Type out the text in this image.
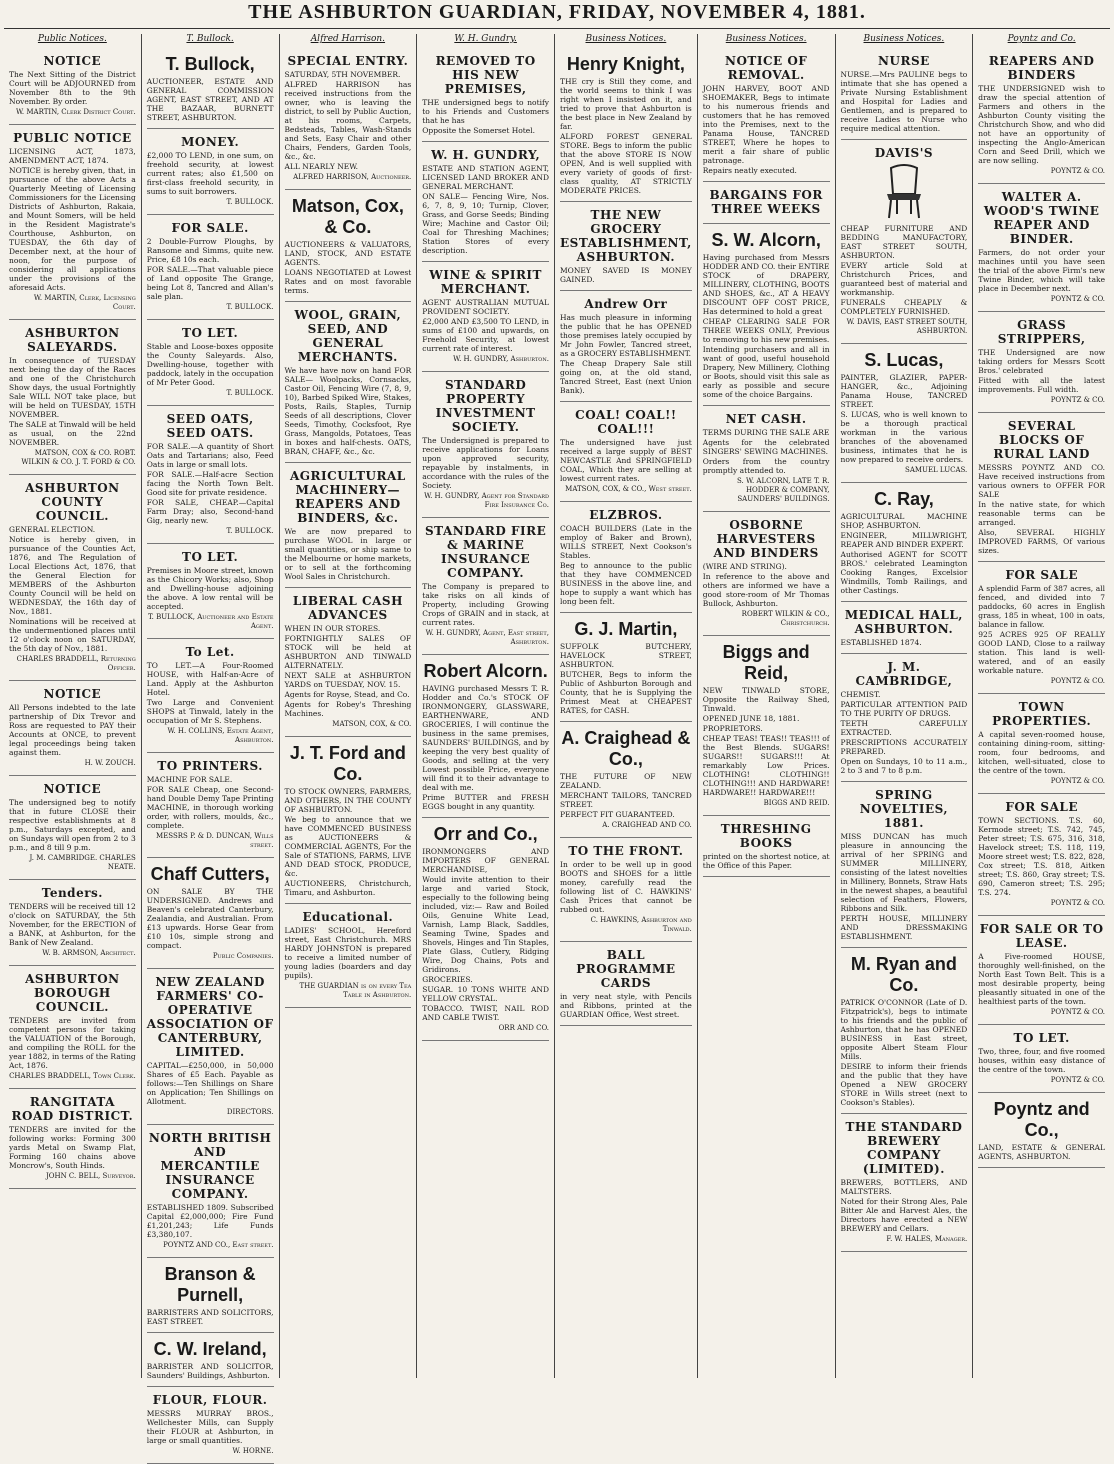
THE ASHBURTON GUARDIAN, FRIDAY, NOVEMBER 4, 1881.
Public Notices.
NOTICE

The Next Sitting of the District Court will be ADJOURNED from November 8th to the 9th November. By order.

W. MARTIN, Clerk District Court.
PUBLIC NOTICE

LICENSING ACT, 1873, AMENDMENT ACT, 1874.

NOTICE is hereby given, that, in pursuance of the above Acts a Quarterly Meeting of Licensing Commissioners for the Licensing Districts of Ashburton, Rakaia, and Mount Somers, will be held in the Resident Magistrate's Courthouse, Ashburton, on TUESDAY, the 6th day of December next, at the hour of noon, for the purpose of considering all applications under the provisions of the aforesaid Acts.

W. MARTIN, Clerk, Licensing Court.
ASHBURTON SALEYARDS.

In consequence of TUESDAY next being the day of the Races and one of the Christchurch Show days, the usual Fortnightly Sale WILL NOT take place, but will be held on TUESDAY, 15TH NOVEMBER.

The SALE at Tinwald will be held as usual, on the 22nd NOVEMBER.

MATSON, COX & CO. ROBT. WILKIN & CO. J. T. FORD & CO.
ASHBURTON COUNTY COUNCIL.

GENERAL ELECTION.

Notice is hereby given, in pursuance of the Counties Act, 1876, and The Regulation of Local Elections Act, 1876, that the General Election for MEMBERS of the Ashburton County Council will be held on WEDNESDAY, the 16th day of Nov., 1881.

Nominations will be received at the undermentioned places until 12 o'clock noon on SATURDAY, the 5th day of Nov., 1881.

CHARLES BRADDELL, Returning Officer.
NOTICE

All Persons indebted to the late partnership of Dix Trevor and Ross are requested to PAY their Accounts at ONCE, to prevent legal proceedings being taken against them.

H. W. ZOUCH.
NOTICE

The undersigned beg to notify that in future CLOSE their respective establishments at 8 p.m., Saturdays excepted, and on Sundays will open from 2 to 3 p.m., and 8 till 9 p.m.

J. M. CAMBRIDGE. CHARLES NEATE.
Tenders.

TENDERS will be received till 12 o'clock on SATURDAY, the 5th November, for the ERECTION of a BANK, at Ashburton, for the Bank of New Zealand.

W. B. ARMSON, Architect.
ASHBURTON BOROUGH COUNCIL.

TENDERS are invited from competent persons for taking the VALUATION of the Borough, and compiling the ROLL for the year 1882, in terms of the Rating Act, 1876.

CHARLES BRADDELL, Town Clerk.
RANGITATA ROAD DISTRICT.

TENDERS are invited for the following works: Forming 300 yards Metal on Swamp Flat, Forming 160 chains above Moncrow's, South Hinds.

JOHN C. BELL, Surveyor.
T. Bullock.
T. Bullock,

AUCTIONEER, ESTATE AND GENERAL COMMISSION AGENT, EAST STREET, AND AT THE BAZAAR, BURNETT STREET, ASHBURTON.

MONEY.

£2,000 TO LEND, in one sum, on freehold security, at lowest current rates; also £1,500 on first-class freehold security, in sums to suit borrowers.

T. BULLOCK.
FOR SALE.

2 Double-Furrow Ploughs, by Ransome and Simms, quite new. Price, £8 10s each.

FOR SALE.—That valuable piece of Land opposite The Grange, being Lot 8, Tancred and Allan's sale plan.

T. BULLOCK.
TO LET.

Stable and Loose-boxes opposite the County Saleyards. Also, Dwelling-house, together with paddock, lately in the occupation of Mr Peter Good.

T. BULLOCK.
SEED OATS, SEED OATS.

FOR SALE.—A quantity of Short Oats and Tartarians; also, Feed Oats in large or small lots.

FOR SALE.—Half-acre Section facing the North Town Belt. Good site for private residence.

FOR SALE, CHEAP.—Capital Farm Dray; also, Second-hand Gig, nearly new.

T. BULLOCK.
TO LET.

Premises in Moore street, known as the Chicory Works; also, Shop and Dwelling-house adjoining the above. A low rental will be accepted.

T. BULLOCK, Auctioneer and Estate Agent.
To Let.

TO LET.—A Four-Roomed HOUSE, with Half-an-Acre of Land. Apply at the Ashburton Hotel.

Two Large and Convenient SHOPS at Tinwald, lately in the occupation of Mr S. Stephens.

W. H. COLLINS, Estate Agent, Ashburton.
TO PRINTERS.

MACHINE FOR SALE.

FOR SALE Cheap, one Second-hand Double Demy Tape Printing MACHINE, in thorough working order, with rollers, moulds, &c., complete.

MESSRS P. & D. DUNCAN, Wills street.
Chaff Cutters,

ON SALE BY THE UNDERSIGNED. Andrews and Beaven's celebrated Canterbury, Zealandia, and Australian. From £13 upwards. Horse Gear from £10 10s, simple strong and compact.

Public Companies.
NEW ZEALAND FARMERS' CO-OPERATIVE ASSOCIATION OF CANTERBURY, LIMITED.

CAPITAL—£250,000, in 50,000 Shares of £5 Each. Payable as follows:—Ten Shillings on Share on Application; Ten Shillings on Allotment.

DIRECTORS.
NORTH BRITISH AND MERCANTILE INSURANCE COMPANY.

ESTABLISHED 1809. Subscribed Capital £2,000,000; Fire Fund £1,201,243; Life Funds £3,380,107.

POYNTZ AND CO., East street.
Branson & Purnell,

BARRISTERS AND SOLICITORS, EAST STREET.

C. W. Ireland,

BARRISTER AND SOLICITOR, Saunders' Buildings, Ashburton.

FLOUR, FLOUR.

MESSRS MURRAY BROS., Wellchester Mills, can Supply their FLOUR at Ashburton, in large or small quantities.

W. HORNE.
Alfred Harrison.
SPECIAL ENTRY.

SATURDAY, 5TH NOVEMBER.

ALFRED HARRISON has received instructions from the owner, who is leaving the district, to sell by Public Auction, at his rooms, Carpets, Bedsteads, Tables, Wash-Stands and Sets, Easy Chair and other Chairs, Fenders, Garden Tools, &c., &c.

ALL NEARLY NEW.

ALFRED HARRISON, Auctioneer.
Matson, Cox, & Co.

AUCTIONEERS & VALUATORS, LAND, STOCK, AND ESTATE AGENTS.

LOANS NEGOTIATED at Lowest Rates and on most favorable terms.

WOOL, GRAIN, SEED, AND GENERAL MERCHANTS.

We have have now on hand FOR SALE— Woolpacks, Cornsacks, Castor Oil, Fencing Wire (7, 8, 9, 10), Barbed Spiked Wire, Stakes, Posts, Rails, Staples, Turnip Seeds of all descriptions, Clover Seeds, Timothy, Cocksfoot, Rye Grass, Mangolds, Potatoes, Teas in boxes and half-chests. OATS, BRAN, CHAFF, &c., &c.

AGRICULTURAL MACHINERY—REAPERS AND BINDERS, &c.

We are now prepared to purchase WOOL in large or small quantities, or ship same to the Melbourne or home markets, or to sell at the forthcoming Wool Sales in Christchurch.

LIBERAL CASH ADVANCES

WHEN IN OUR STORES.

FORTNIGHTLY SALES OF STOCK will be held at ASHBURTON AND TINWALD ALTERNATELY.

NEXT SALE at ASHBURTON YARDS on TUESDAY, NOV. 15.

Agents for Royse, Stead, and Co.

Agents for Robey's Threshing Machines.

MATSON, COX, & CO.
J. T. Ford and Co.

TO STOCK OWNERS, FARMERS, AND OTHERS, IN THE COUNTY OF ASHBURTON.

We beg to announce that we have COMMENCED BUSINESS as AUCTIONEERS & COMMERCIAL AGENTS, For the Sale of STATIONS, FARMS, LIVE AND DEAD STOCK, PRODUCE, &c.

AUCTIONEERS, Christchurch, Timaru, and Ashburton.

Educational.

LADIES' SCHOOL, Hereford street, East Christchurch. MRS HARDY JOHNSTON is prepared to receive a limited number of young ladies (boarders and day pupils).

THE GUARDIAN is on every Tea Table in Ashburton.
W. H. Gundry.
REMOVED TO HIS NEW PREMISES,

THE undersigned begs to notify to his Friends and Customers that he has

Opposite the Somerset Hotel.

W. H. GUNDRY,

ESTATE AND STATION AGENT, LICENSED LAND BROKER AND GENERAL MERCHANT.

ON SALE— Fencing Wire, Nos. 6, 7, 8, 9, 10; Turnip, Clover, Grass, and Gorse Seeds; Binding Wire; Machine and Castor Oil; Coal for Threshing Machines; Station Stores of every description.

WINE & SPIRIT MERCHANT.

AGENT AUSTRALIAN MUTUAL PROVIDENT SOCIETY.

£2,000 AND £3,500 TO LEND, in sums of £100 and upwards, on Freehold Security, at lowest current rate of interest.

W. H. GUNDRY, Ashburton.
STANDARD PROPERTY INVESTMENT SOCIETY.

The Undersigned is prepared to receive applications for Loans upon approved security, repayable by instalments, in accordance with the rules of the Society.

W. H. GUNDRY, Agent for Standard Fire Insurance Co.
STANDARD FIRE & MARINE INSURANCE COMPANY.

The Company is prepared to take risks on all kinds of Property, including Growing Crops of GRAIN and in stack, at current rates.

W. H. GUNDRY, Agent, East street, Ashburton.
Robert Alcorn.

HAVING purchased Messrs T. R. Hodder and Co.'s STOCK OF IRONMONGERY, GLASSWARE, EARTHENWARE, AND GROCERIES, I will continue the business in the same premises, SAUNDERS' BUILDINGS, and by keeping the very best quality of Goods, and selling at the very Lowest possible Price, everyone will find it to their advantage to deal with me.

Prime BUTTER and FRESH EGGS bought in any quantity.

Orr and Co.,

IRONMONGERS AND IMPORTERS OF GENERAL MERCHANDISE,

Would invite attention to their large and varied Stock, especially to the following being included, viz:— Raw and Boiled Oils, Genuine White Lead, Varnish, Lamp Black, Saddles, Seaming Twine, Spades and Shovels, Hinges and Tin Staples, Plate Glass, Cutlery, Ridging Wire, Dog Chains, Pots and Gridirons.

GROCERIES.

SUGAR. 10 TONS WHITE AND YELLOW CRYSTAL.

TOBACCO. TWIST, NAIL ROD AND CABLE TWIST.

ORR AND CO.
Business Notices.
Henry Knight,

THE cry is Still they come, and the world seems to think I was right when I insisted on it, and tried to prove that Ashburton is the best place in New Zealand by far.

ALFORD FOREST GENERAL STORE. Begs to inform the public that the above STORE IS NOW OPEN, And is well supplied with every variety of goods of first-class quality, AT STRICTLY MODERATE PRICES.

THE NEW GROCERY ESTABLISHMENT, ASHBURTON.

MONEY SAVED IS MONEY GAINED.

Andrew Orr

Has much pleasure in informing the public that he has OPENED those premises lately occupied by Mr John Fowler, Tancred street, as a GROCERY ESTABLISHMENT.

The Cheap Drapery Sale still going on, at the old stand, Tancred Street, East (next Union Bank).

COAL! COAL!! COAL!!!

The undersigned have just received a large supply of BEST NEWCASTLE And SPRINGFIELD COAL, Which they are selling at lowest current rates.

MATSON, COX, & CO., West street.
ELZBROS.

COACH BUILDERS (Late in the employ of Baker and Brown), WILLS STREET, Next Cookson's Stables.

Beg to announce to the public that they have COMMENCED BUSINESS in the above line, and hope to supply a want which has long been felt.

G. J. Martin,

SUFFOLK BUTCHERY, HAVELOCK STREET, ASHBURTON.

BUTCHER, Begs to inform the Public of Ashburton Borough and County, that he is Supplying the Primest Meat at CHEAPEST RATES, for CASH.

A. Craighead & Co.,

THE FUTURE OF NEW ZEALAND.

MERCHANT TAILORS, TANCRED STREET.

PERFECT FIT GUARANTEED.

A. CRAIGHEAD AND CO.
TO THE FRONT.

In order to be well up in good BOOTS and SHOES for a little money, carefully read the following list of C. HAWKINS' Cash Prices that cannot be rubbed out.

C. HAWKINS, Ashburton and Tinwald.
BALL PROGRAMME CARDS

in very neat style, with Pencils and Ribbons, printed at the GUARDIAN Office, West street.

Business Notices.
NOTICE OF REMOVAL.

JOHN HARVEY, BOOT AND SHOEMAKER, Begs to intimate to his numerous friends and customers that he has removed into the Premises, next to the Panama House, TANCRED STREET, Where he hopes to merit a fair share of public patronage.

Repairs neatly executed.

BARGAINS FOR THREE WEEKS
S. W. Alcorn,

Having purchased from Messrs HODDER AND CO. their ENTIRE STOCK of DRAPERY, MILLINERY, CLOTHING, BOOTS AND SHOES, &c., AT A HEAVY DISCOUNT OFF COST PRICE, Has determined to hold a great

CHEAP CLEARING SALE FOR THREE WEEKS ONLY, Previous to removing to his new premises.

Intending purchasers and all in want of good, useful household Drapery, New Millinery, Clothing or Boots, should visit this sale as early as possible and secure some of the choice Bargains.

NET CASH.

TERMS DURING THE SALE ARE

Agents for the celebrated SINGERS' SEWING MACHINES.

Orders from the country promptly attended to.

S. W. ALCORN, LATE T. R. HODDER & COMPANY, SAUNDERS' BUILDINGS.
OSBORNE HARVESTERS AND BINDERS

(WIRE AND STRING).

In reference to the above and others are informed we have a good store-room of Mr Thomas Bullock, Ashburton.

ROBERT WILKIN & CO., Christchurch.
Biggs and Reid,

NEW TINWALD STORE, Opposite the Railway Shed, Tinwald.

OPENED JUNE 18, 1881.

PROPRIETORS.

CHEAP TEAS! TEAS!! TEAS!!! of the Best Blends. SUGARS! SUGARS!! SUGARS!!! At remarkably Low Prices. CLOTHING! CLOTHING!! CLOTHING!!! AND HARDWARE! HARDWARE!! HARDWARE!!!

BIGGS AND REID.
THRESHING BOOKS

printed on the shortest notice, at the Office of this Paper.

Business Notices.
NURSE

NURSE.—Mrs PAULINE begs to intimate that she has opened a Private Nursing Establishment and Hospital for Ladies and Gentlemen, and is prepared to receive Ladies to Nurse who require medical attention.

DAVIS'S

CHEAP FURNITURE AND BEDDING MANUFACTORY, EAST STREET SOUTH, ASHBURTON.

EVERY article Sold at Christchurch Prices, and guaranteed best of material and workmanship.

FUNERALS CHEAPLY & COMPLETELY FURNISHED.

W. DAVIS, EAST STREET SOUTH, ASHBURTON.
S. Lucas,

PAINTER, GLAZIER, PAPER-HANGER, &c., Adjoining Panama House, TANCRED STREET.

S. LUCAS, who is well known to be a thorough practical workman in the various branches of the abovenamed business, intimates that he is now prepared to receive orders.

SAMUEL LUCAS.
C. Ray,

AGRICULTURAL MACHINE SHOP, ASHBURTON.

ENGINEER, MILLWRIGHT, REAPER AND BINDER EXPERT.

Authorised AGENT for SCOTT BROS.' celebrated Leamington Cooking Ranges, Excelsior Windmills, Tomb Railings, and other Castings.

MEDICAL HALL, ASHBURTON.

ESTABLISHED 1874.

J. M. CAMBRIDGE,

CHEMIST.

PARTICULAR ATTENTION PAID TO THE PURITY OF DRUGS.

TEETH CAREFULLY EXTRACTED.

PRESCRIPTIONS ACCURATELY PREPARED.

Open on Sundays, 10 to 11 a.m., 2 to 3 and 7 to 8 p.m.

SPRING NOVELTIES, 1881.

MISS DUNCAN has much pleasure in announcing the arrival of her SPRING and SUMMER MILLINERY, consisting of the latest novelties in Millinery, Bonnets, Straw Hats in the newest shapes, a beautiful selection of Feathers, Flowers, Ribbons and Silk.

PERTH HOUSE, MILLINERY AND DRESSMAKING ESTABLISHMENT.

M. Ryan and Co.

PATRICK O'CONNOR (Late of D. Fitzpatrick's), begs to intimate to his friends and the public of Ashburton, that he has OPENED BUSINESS in East street, opposite Albert Steam Flour Mills.

DESIRE to inform their friends and the public that they have Opened a NEW GROCERY STORE in Wills street (next to Cookson's Stables).

THE STANDARD BREWERY COMPANY (LIMITED).

BREWERS, BOTTLERS, AND MALTSTERS.

Noted for their Strong Ales, Pale Bitter Ale and Harvest Ales, the Directors have erected a NEW BREWERY and Cellars.

F. W. HALES, Manager.
Poyntz and Co.
REAPERS AND BINDERS

THE UNDERSIGNED wish to draw the special attention of Farmers and others in the Ashburton County visiting the Christchurch Show, and who did not have an opportunity of inspecting the Anglo-American Corn and Seed Drill, which we are now selling.

POYNTZ & CO.
WALTER A. WOOD'S TWINE REAPER AND BINDER.

Farmers, do not order your machines until you have seen the trial of the above Firm's new Twine Binder, which will take place in December next.

POYNTZ & CO.
GRASS STRIPPERS,

THE Undersigned are now taking orders for Messrs Scott Bros.' celebrated

Fitted with all the latest improvements. Full width.

POYNTZ & CO.
SEVERAL BLOCKS OF RURAL LAND

MESSRS POYNTZ AND CO. Have received instructions from various owners to OFFER FOR SALE

In the native state, for which reasonable terms can be arranged.

Also, SEVERAL HIGHLY IMPROVED FARMS, Of various sizes.

FOR SALE

A splendid Farm of 387 acres, all fenced, and divided into 7 paddocks, 60 acres in English grass, 185 in wheat, 100 in oats, balance in fallow.

925 ACRES 925 OF REALLY GOOD LAND, Close to a railway station. This land is well-watered, and of an easily workable nature.

POYNTZ & CO.
TOWN PROPERTIES.

A capital seven-roomed house, containing dining-room, sitting-room, four bedrooms, and kitchen, well-situated, close to the centre of the town.

POYNTZ & CO.
FOR SALE

TOWN SECTIONS. T.S. 60, Kermode street; T.S. 742, 745, Peter street; T.S. 675, 316, 318, Havelock street; T.S. 118, 119, Moore street west; T.S. 822, 828, Cox street; T.S. 818, Aitken street; T.S. 860, Gray street; T.S. 690, Cameron street; T.S. 295; T.S. 274.

POYNTZ & CO.
FOR SALE OR TO LEASE.

A Five-roomed HOUSE, thoroughly well-finished, on the North East Town Belt. This is a most desirable property, being pleasantly situated in one of the healthiest parts of the town.

POYNTZ & CO.
TO LET.

Two, three, four, and five roomed houses, within easy distance of the centre of the town.

POYNTZ & CO.
Poyntz and Co.,

LAND, ESTATE & GENERAL AGENTS, ASHBURTON.
